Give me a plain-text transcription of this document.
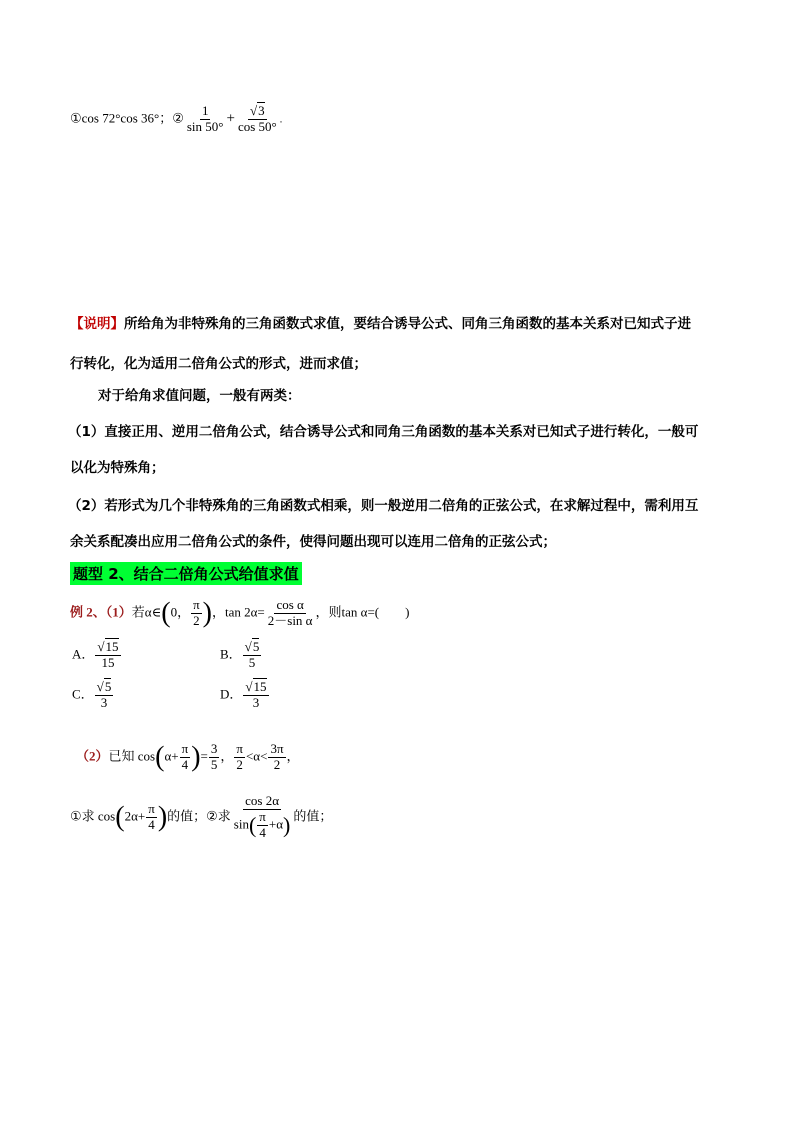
①cos 72°cos 36°；② $\frac{1}{\sin 50^\circ} + \frac{√3}{\cos 50^\circ}$ .
【说明】所给角为非特殊角的三角函数式求值，要结合诱导公式、同角三角函数的基本关系对已知式子进
行转化，化为适用二倍角公式的形式，进而求值；
对于给角求值问题，一般有两类：
（1）直接正用、逆用二倍角公式，结合诱导公式和同角三角函数的基本关系对已知式子进行转化，一般可
以化为特殊角；
（2）若形式为几个非特殊角的三角函数式相乘，则一般逆用二倍角的正弦公式，在求解过程中，需利用互
余关系配凑出应用二倍角公式的条件，使得问题出现可以连用二倍角的正弦公式；
题型 2、结合二倍角公式给值求值
例 2、（1）若α∈(0， $\frac{\pi}{2}$ )，$\tan 2\alpha= \frac{\text{cos α}}{\text{2－sin α}}$ ，则tan α=( )
A． $\frac{√15}{15}$	B． $\frac{√5}{5}$
C． $\frac{√5}{3}$	D． $\frac{√15}{3}$
（2）已知 $\cos(\alpha+ \frac{\pi}{4}$ )= $\frac{3}{5}$ ， $\frac{\pi}{2} <\alpha< \frac{3\pi}{2}$ ，
①求 $\cos(2\alpha+ \frac{\pi}{4}$ )的值；②求 $\frac{\cos 2\alpha}{\sin( \frac{\pi}{4} +\alpha)}$ 的值；
